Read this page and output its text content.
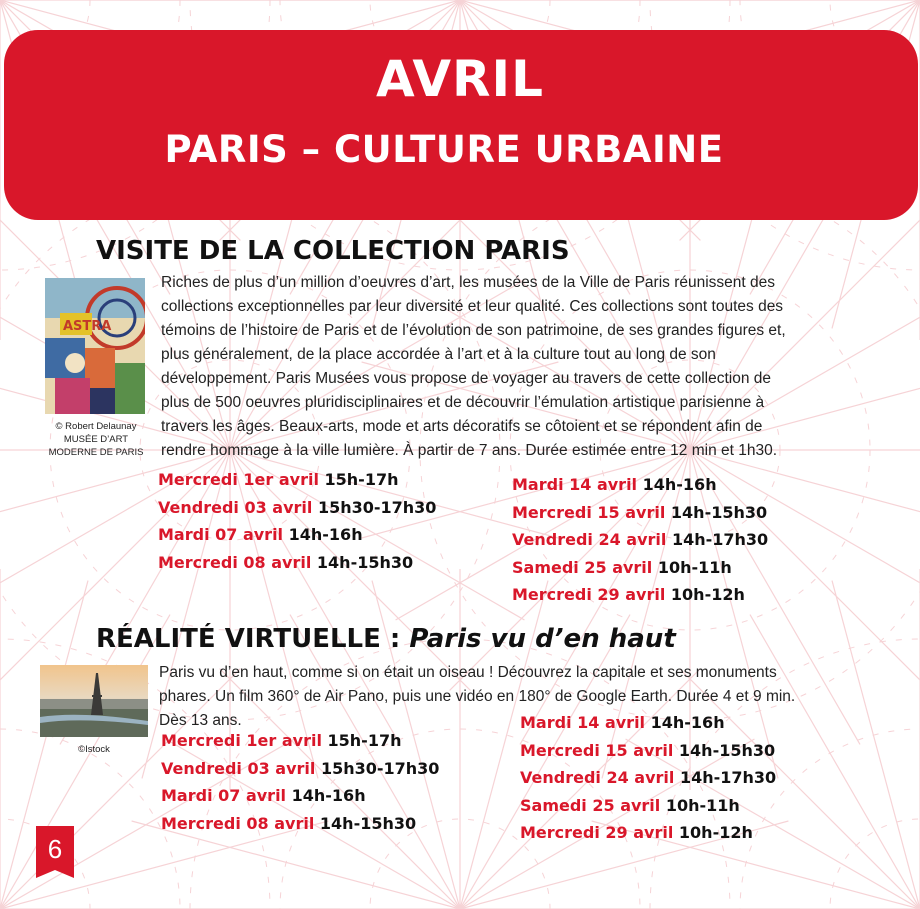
AVRIL
PARIS – CULTURE URBAINE
VISITE DE LA COLLECTION PARIS
ASTRA
© Robert Delaunay
MUSÉE D’ART
MODERNE DE PARIS
Riches de plus d’un million d’oeuvres d’art, les musées de la Ville de Paris réunissent des
collections exceptionnelles par leur diversité et leur qualité. Ces collections sont toutes des
témoins de l’histoire de Paris et de l’évolution de son patrimoine, de ses grandes figures et,
plus généralement, de la place accordée à l’art et à la culture tout au long de son
développement. Paris Musées vous propose de voyager au travers de cette collection de
plus de 500 oeuvres pluridisciplinaires et de découvrir l’émulation artistique parisienne à
travers les âges. Beaux-arts, mode et arts décoratifs se côtoient et se répondent afin de
rendre hommage à la ville lumière. À partir de 7 ans. Durée estimée entre 12 min et 1h30.
Mercredi 1er avril 15h-17h
Vendredi 03 avril 15h30-17h30
Mardi 07 avril 14h-16h
Mercredi 08 avril 14h-15h30
Mardi 14 avril 14h-16h
Mercredi 15 avril 14h-15h30
Vendredi 24 avril 14h-17h30
Samedi 25 avril 10h-11h
Mercredi 29 avril 10h-12h
RÉALITÉ VIRTUELLE : Paris vu d’en haut
©Istock
Paris vu d’en haut, comme si on était un oiseau ! Découvrez la capitale et ses monuments
phares. Un film 360° de Air Pano, puis une vidéo en 180° de Google Earth. Durée 4 et 9 min.
Dès 13 ans.
Mercredi 1er avril 15h-17h
Vendredi 03 avril 15h30-17h30
Mardi 07 avril 14h-16h
Mercredi 08 avril 14h-15h30
Mardi 14 avril 14h-16h
Mercredi 15 avril 14h-15h30
Vendredi 24 avril 14h-17h30
Samedi 25 avril 10h-11h
Mercredi 29 avril 10h-12h
6
